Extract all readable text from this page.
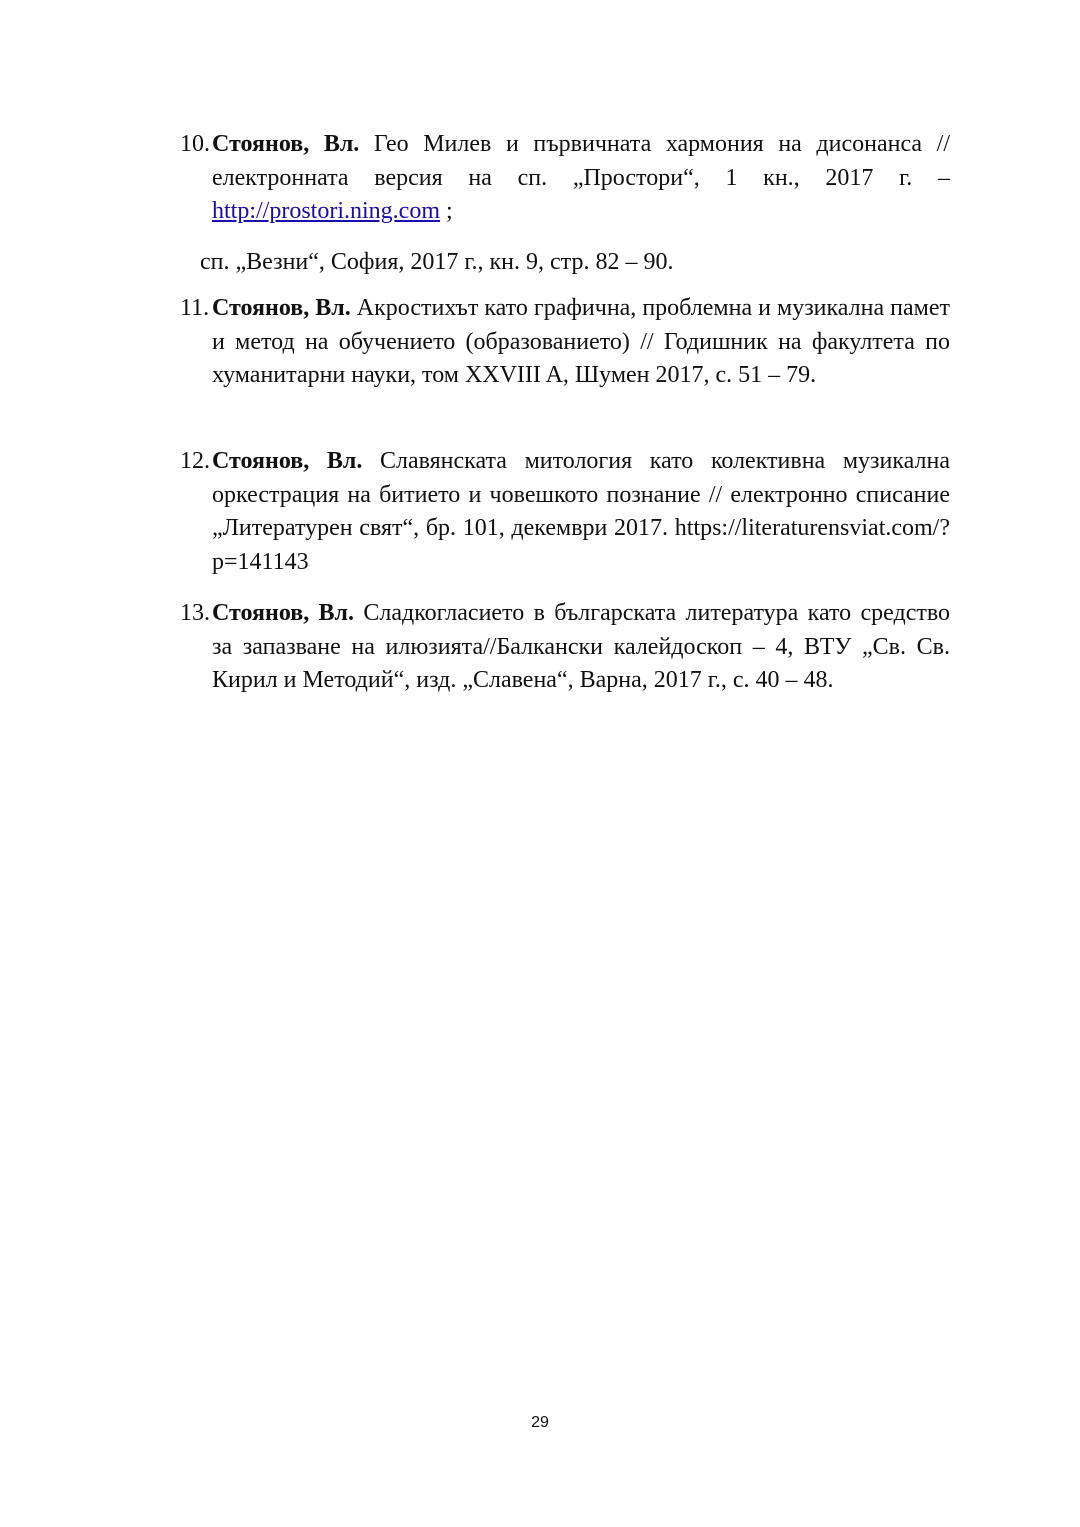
10. Стоянов, Вл. Гео Милев и първичната хармония на дисонанса // електронната версия на сп. „Простори“, 1 кн., 2017 г. – http://prostori.ning.com ;
сп. „Везни“, София, 2017 г., кн. 9, стр. 82 – 90.
11. Стоянов, Вл. Акростихът като графична, проблемна и музикална памет и метод на обучението (образованието) // Годишник на факултета по хуманитарни науки, том XXVIII A, Шумен 2017, с. 51 – 79.
12. Стоянов, Вл. Славянската митология като колективна музикална оркестрация на битието и човешкото познание // електронно списание „Литературен свят“, бр. 101, декември 2017. https://literaturensviat.com/?p=141143
13. Стоянов, Вл. Сладкогласието в българската литература като средство за запазване на илюзията//Балкански калейдоскоп – 4, ВТУ „Св. Св. Кирил и Методий“, изд. „Славена“, Варна, 2017 г., с. 40 – 48.
29
